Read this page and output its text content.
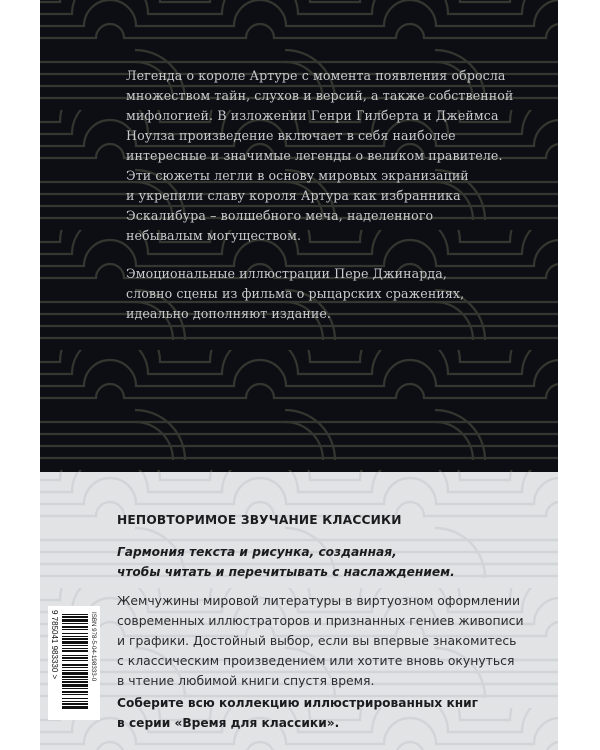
Легенда о короле Артуре с момента появления обросла
множеством тайн, слухов и версий, а также собственной
мифологией. В изложении Генри Гилберта и Джеймса
Ноулза произведение включает в себя наиболее
интересные и значимые легенды о великом правителе.
Эти сюжеты легли в основу мировых экранизаций
и укрепили славу короля Артура как избранника
Эскалибура – волшебного меча, наделенного
небывалым могуществом.
Эмоциональные иллюстрации Пере Джинарда,
словно сцены из фильма о рыцарских сражениях,
идеально дополняют издание.
НЕПОВТОРИМОЕ ЗВУЧАНИЕ КЛАССИКИ
Гармония текста и рисунка, созданная,
чтобы читать и перечитывать с наслаждением.
Жемчужины мировой литературы в виртуозном оформлении
современных иллюстраторов и признанных гениев живописи
и графики. Достойный выбор, если вы впервые знакомитесь
с классическим произведением или хотите вновь окунуться
в чтение любимой книги спустя время.
Соберите всю коллекцию иллюстрированных книг
в серии «Время для классики».
ISBN 978-5-04-198333-0
9 785041 983330 >
